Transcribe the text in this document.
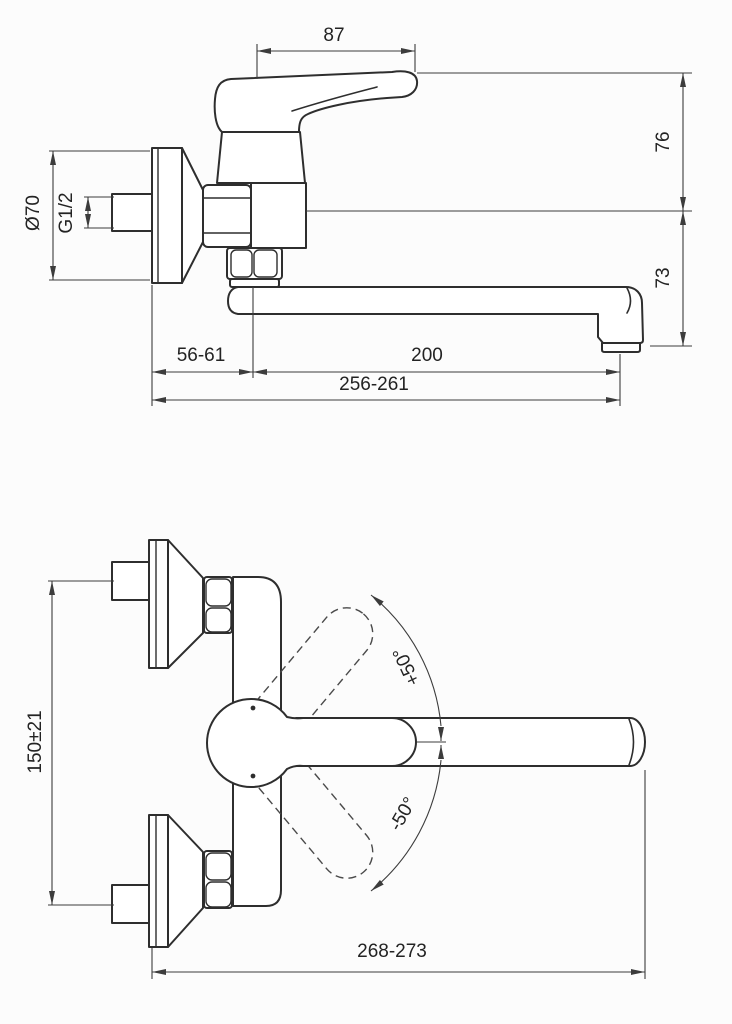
87
76
73
Ø70 G1/2
56-61	200
256-261
150±21
+50°
-50°
268-273
